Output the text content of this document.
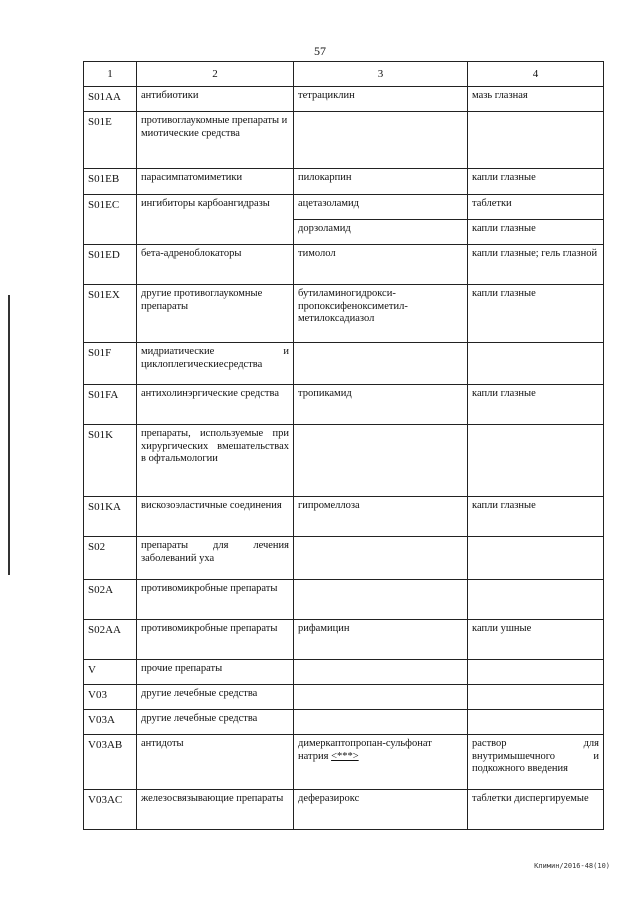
57
1	2	3	4
S01AA	антибиотики	тетрациклин	мазь глазная
S01E	противоглаукомные препараты и миотические средства		
S01EB	парасимпатомиметики	пилокарпин	капли глазные
S01EC	ингибиторы карбоангидразы	ацетазоламид	таблетки
		дорзоламид	капли глазные
S01ED	бета-адреноблокаторы	тимолол	капли глазные; гель глазной
S01EX	другие противоглаукомные препараты	бутиламиногидрокси-пропоксифеноксиметил-метилоксадиазол	капли глазные
S01F	мидриатические и циклоплегическиесредства		
S01FA	антихолинэргические средства	тропикамид	капли глазные
S01K	препараты, используемые при хирургических вмешательствах в офтальмологии		
S01KA	вискозоэластичные соединения	гипромеллоза	капли глазные
S02	препараты для лечения заболеваний уха		
S02A	противомикробные препараты		
S02AA	противомикробные препараты	рифамицин	капли ушные
V	прочие препараты		
V03	другие лечебные средства		
V03A	другие лечебные средства		
V03AB	антидоты	димеркаптопропан-сульфонат натрия <***>	раствор для внутримышечного и подкожного введения
V03AC	железосвязывающие препараты	деферазирокс	таблетки диспергируемые
Климин/2016-48(10)
